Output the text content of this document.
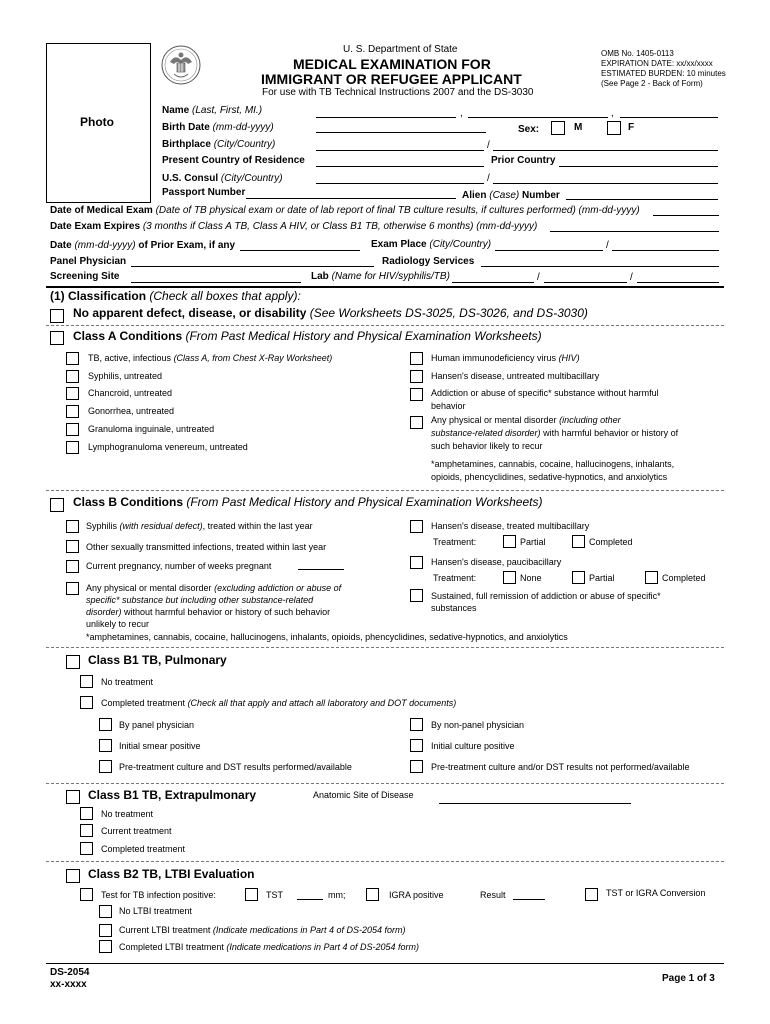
U. S. Department of State
MEDICAL EXAMINATION FOR
IMMIGRANT OR REFUGEE APPLICANT
For use with TB Technical Instructions 2007 and the DS-3030
OMB No. 1405-0113
EXPIRATION DATE: xx/xx/xxxx
ESTIMATED BURDEN: 10 minutes
(See Page 2 - Back of Form)
Photo
Name (Last, First, MI.)	,	,
Birth Date (mm-dd-yyyy)	Sex:	M	F
Birthplace (City/Country)	/
Present Country of Residence	Prior Country
U.S. Consul (City/Country)	/
Passport Number	Alien (Case) Number
Date of Medical Exam (Date of TB physical exam or date of lab report of final TB culture results, if cultures performed) (mm-dd-yyyy)
Date Exam Expires (3 months if Class A TB, Class A HIV, or Class B1 TB, otherwise 6 months) (mm-dd-yyyy)
Date (mm-dd-yyyy) of Prior Exam, if any	Exam Place (City/Country)	/
Panel Physician	Radiology Services
Screening Site	Lab (Name for HIV/syphilis/TB)	/	/
(1) Classification (Check all boxes that apply):
No apparent defect, disease, or disability (See Worksheets DS-3025, DS-3026, and DS-3030)
Class A Conditions (From Past Medical History and Physical Examination Worksheets)
TB, active, infectious (Class A, from Chest X-Ray Worksheet)
Syphilis, untreated
Chancroid, untreated
Gonorrhea, untreated
Granuloma inguinale, untreated
Lymphogranuloma venereum, untreated
Human immunodeficiency virus (HIV)
Hansen's disease, untreated multibacillary
Addiction or abuse of specific* substance without harmful
behavior
Any physical or mental disorder (including other
substance-related disorder) with harmful behavior or history of
such behavior likely to recur
*amphetamines, cannabis, cocaine, hallucinogens, inhalants,
opioids, phencyclidines, sedative-hypnotics, and anxiolytics
Class B Conditions (From Past Medical History and Physical Examination Worksheets)
Syphilis (with residual defect), treated within the last year
Other sexually transmitted infections, treated within last year
Current pregnancy, number of weeks pregnant
Any physical or mental disorder (excluding addiction or abuse of
specific* substance but including other substance-related
disorder) without harmful behavior or history of such behavior
unlikely to recur
Hansen's disease, treated multibacillary
Treatment:	Partial	Completed
Hansen's disease, paucibacillary
Treatment:	None	Partial	Completed
Sustained, full remission of addiction or abuse of specific*
substances
*amphetamines, cannabis, cocaine, hallucinogens, inhalants, opioids, phencyclidines, sedative-hypnotics, and anxiolytics
Class B1 TB, Pulmonary
No treatment
Completed treatment (Check all that apply and attach all laboratory and DOT documents)
By panel physician	By non-panel physician
Initial smear positive	Initial culture positive
Pre-treatment culture and DST results performed/available	Pre-treatment culture and/or DST results not performed/available
Class B1 TB, Extrapulmonary	Anatomic Site of Disease
No treatment
Current treatment
Completed treatment
Class B2 TB, LTBI Evaluation
Test for TB infection positive:	TST	mm;	IGRA positive	Result	TST or IGRA Conversion
No LTBI treatment
Current LTBI treatment (Indicate medications in Part 4 of DS-2054 form)
Completed LTBI treatment (Indicate medications in Part 4 of DS-2054 form)
DS-2054
xx-xxxx
Page 1 of 3
